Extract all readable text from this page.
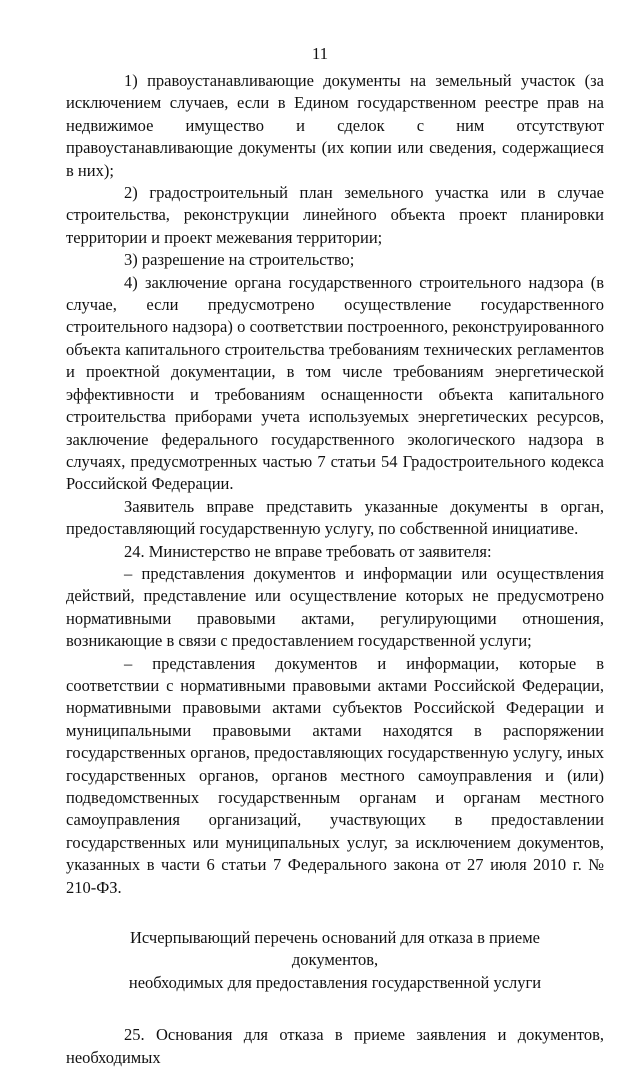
11

1) правоустанавливающие документы на земельный участок (за исключением случаев, если в Едином государственном реестре прав на недвижимое имущество и сделок с ним отсутствуют правоустанавливающие документы (их копии или сведения, содержащиеся в них);

2) градостроительный план земельного участка или в случае строительства, реконструкции линейного объекта проект планировки территории и проект межевания территории;

3) разрешение на строительство;

4) заключение органа государственного строительного надзора (в случае, если предусмотрено осуществление государственного строительного надзора) о соответствии построенного, реконструированного объекта капитального строительства требованиям технических регламентов и проектной документации, в том числе требованиям энергетической эффективности и требованиям оснащенности объекта капитального строительства приборами учета используемых энергетических ресурсов, заключение федерального государственного экологического надзора в случаях, предусмотренных частью 7 статьи 54 Градостроительного кодекса Российской Федерации.

Заявитель вправе представить указанные документы в орган, предоставляющий государственную услугу, по собственной инициативе.

24. Министерство не вправе требовать от заявителя:

– представления документов и информации или осуществления действий, представление или осуществление которых не предусмотрено нормативными правовыми актами, регулирующими отношения, возникающие в связи с предоставлением государственной услуги;

– представления документов и информации, которые в соответствии с нормативными правовыми актами Российской Федерации, нормативными правовыми актами субъектов Российской Федерации и муниципальными правовыми актами находятся в распоряжении государственных органов, предоставляющих государственную услугу, иных государственных органов, органов местного самоуправления и (или) подведомственных государственным органам и органам местного самоуправления организаций, участвующих в предоставлении государственных или муниципальных услуг, за исключением документов, указанных в части 6 статьи 7 Федерального закона от 27 июля 2010 г. № 210-ФЗ.

Исчерпывающий перечень оснований для отказа в приеме документов,
необходимых для предоставления государственной услуги

25. Основания для отказа в приеме заявления и документов, необходимых
